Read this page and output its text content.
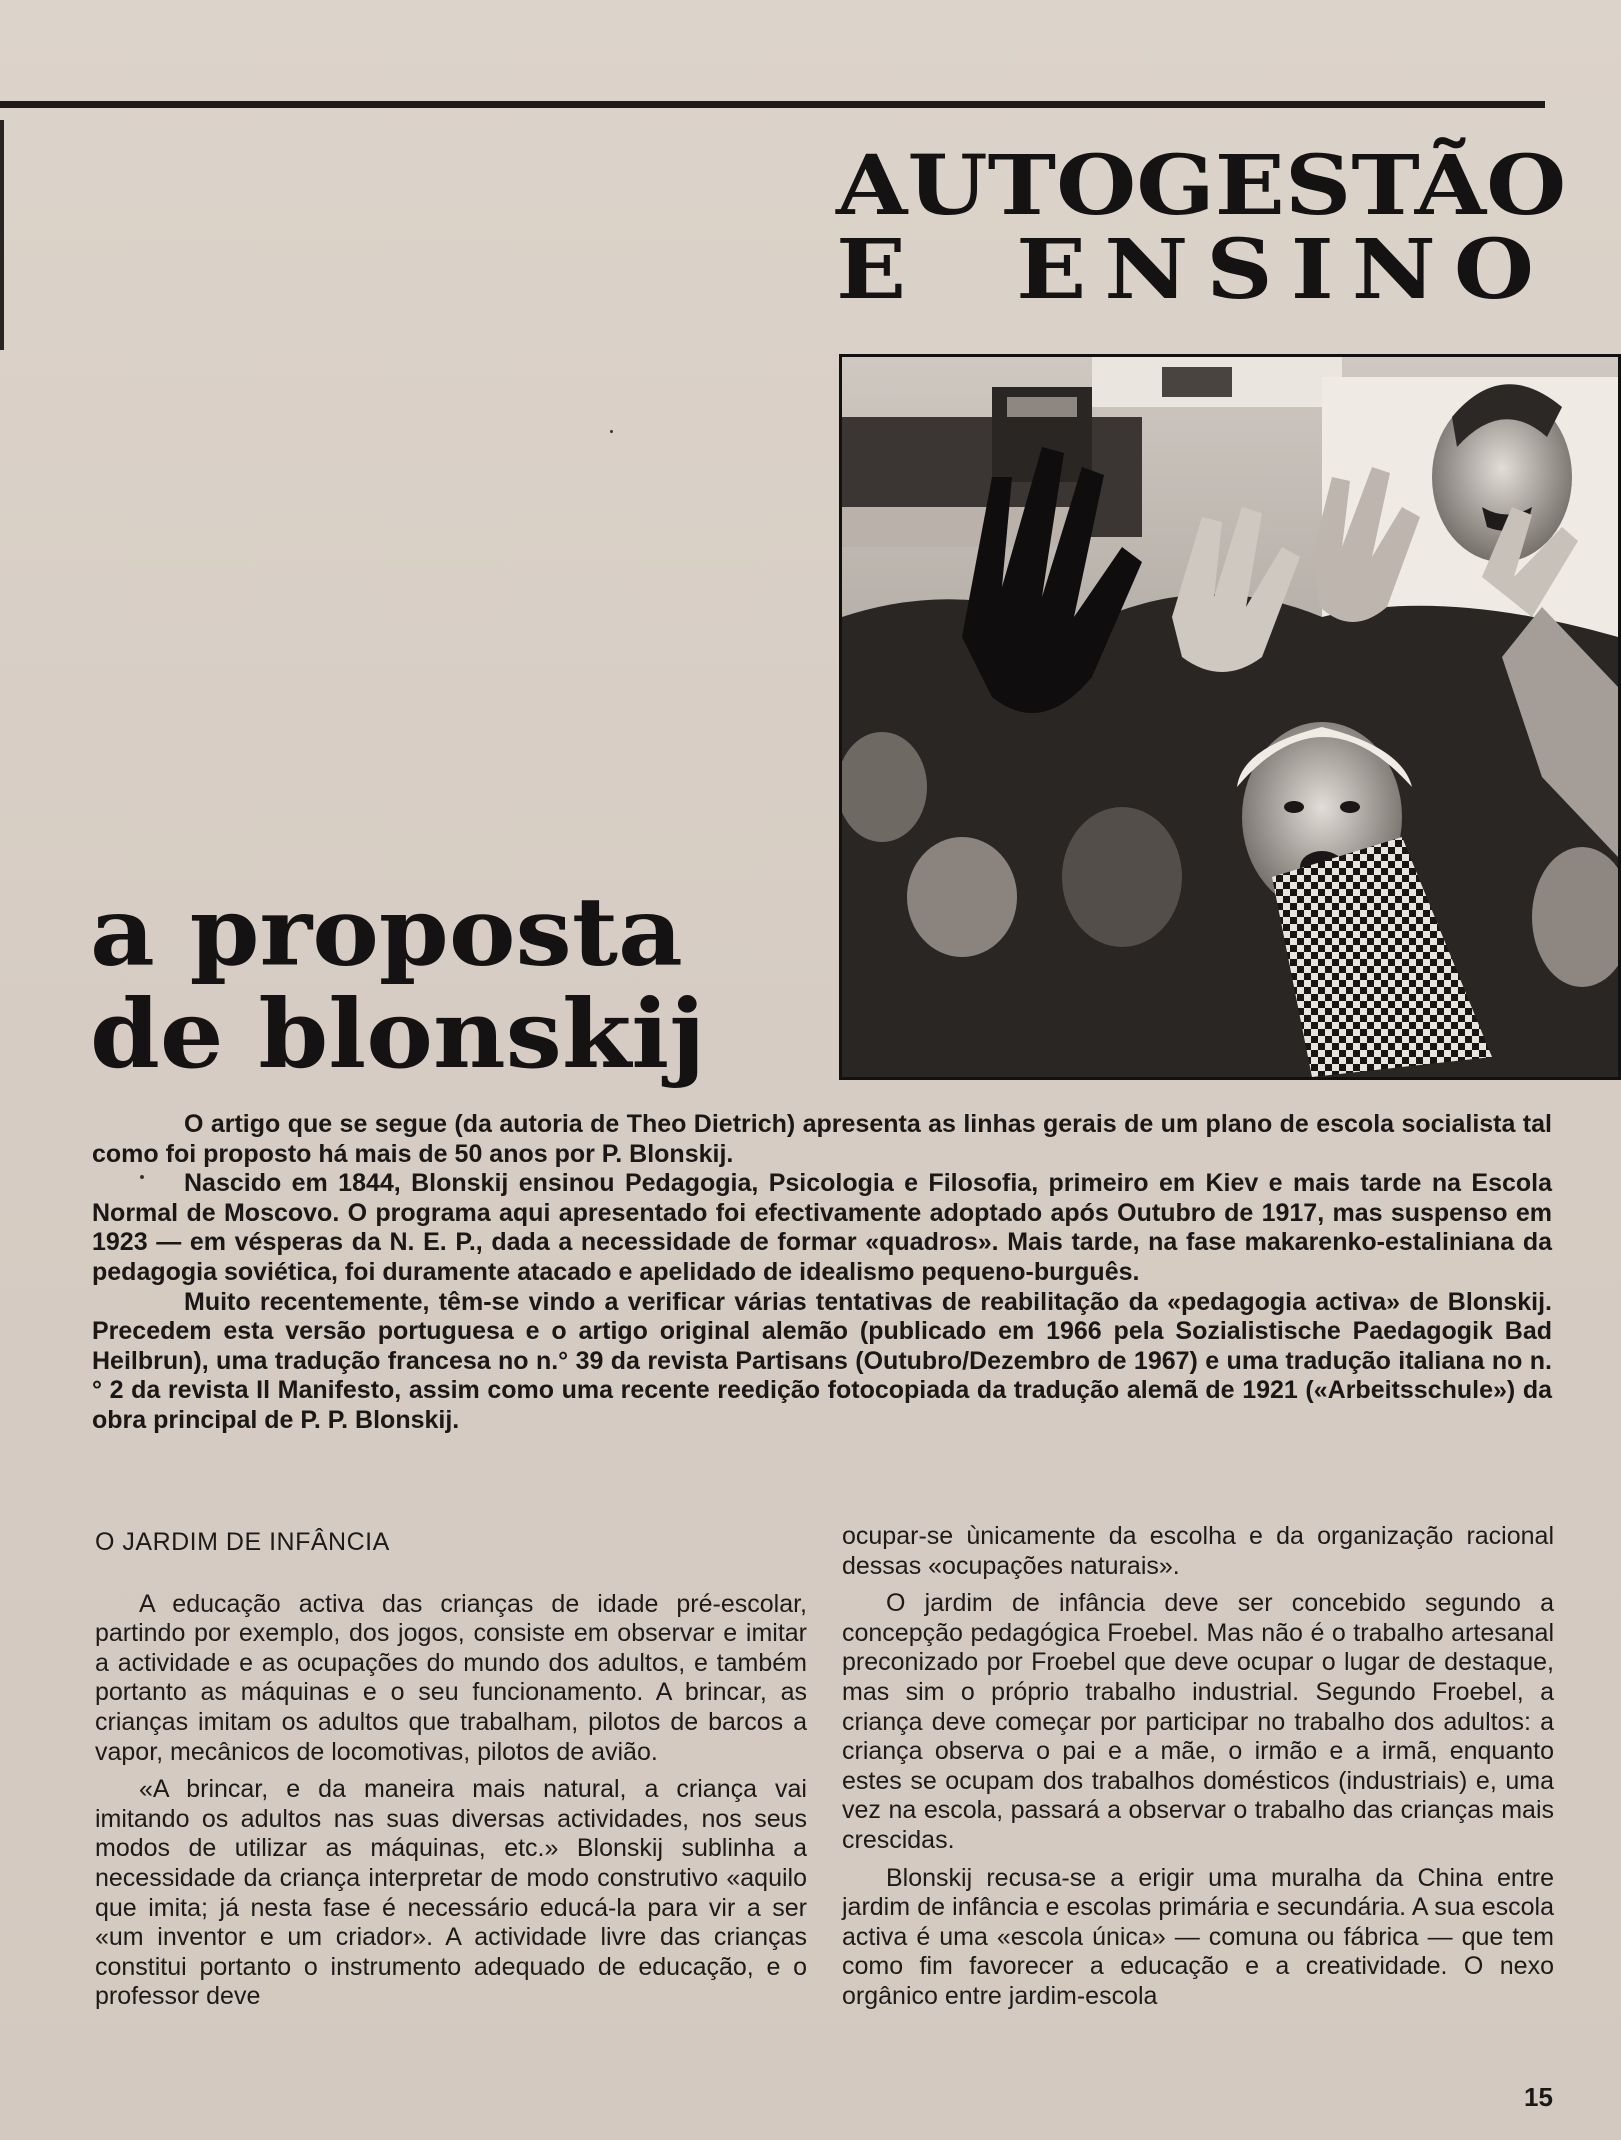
AUTOGESTÃO
E ENSINO
a proposta
de blonskij

O artigo que se segue (da autoria de Theo Dietrich) apresenta as linhas gerais de um plano de escola socialista tal como foi proposto há mais de 50 anos por P. Blonskij.

Nascido em 1844, Blonskij ensinou Pedagogia, Psicologia e Filosofia, primeiro em Kiev e mais tarde na Escola Normal de Moscovo. O programa aqui apresentado foi efectivamente adoptado após Outubro de 1917, mas suspenso em 1923 — em vésperas da N. E. P., dada a necessidade de formar «quadros». Mais tarde, na fase makarenko-estaliniana da pedagogia soviética, foi duramente atacado e apelidado de idealismo pequeno-burguês.

Muito recentemente, têm-se vindo a verificar várias tentativas de reabilitação da «pedagogia activa» de Blonskij. Precedem esta versão portuguesa e o artigo original alemão (publicado em 1966 pela Sozialistische Paedagogik Bad Heilbrun), uma tradução francesa no n.° 39 da revista Partisans (Outubro/Dezembro de 1967) e uma tradução italiana no n.° 2 da revista Il Manifesto, assim como uma recente reedição fotocopiada da tradução alemã de 1921 («Arbeitsschule») da obra principal de P. P. Blonskij.

O JARDIM DE INFÂNCIA

A educação activa das crianças de idade pré-escolar, partindo por exemplo, dos jogos, consiste em observar e imitar a actividade e as ocupações do mundo dos adultos, e também portanto as máquinas e o seu funcionamento. A brincar, as crianças imitam os adultos que trabalham, pilotos de barcos a vapor, mecânicos de locomotivas, pilotos de avião.

«A brincar, e da maneira mais natural, a criança vai imitando os adultos nas suas diversas actividades, nos seus modos de utilizar as máquinas, etc.» Blonskij sublinha a necessidade da criança interpretar de modo construtivo «aquilo que imita; já nesta fase é necessário educá-la para vir a ser «um inventor e um criador». A actividade livre das crianças constitui portanto o instrumento adequado de educação, e o professor deve

ocupar-se ùnicamente da escolha e da organização racional dessas «ocupações naturais».

O jardim de infância deve ser concebido segundo a concepção pedagógica Froebel. Mas não é o trabalho artesanal preconizado por Froebel que deve ocupar o lugar de destaque, mas sim o próprio trabalho industrial. Segundo Froebel, a criança deve começar por participar no trabalho dos adultos: a criança observa o pai e a mãe, o irmão e a irmã, enquanto estes se ocupam dos trabalhos domésticos (industriais) e, uma vez na escola, passará a observar o trabalho das crianças mais crescidas.

Blonskij recusa-se a erigir uma muralha da China entre jardim de infância e escolas primária e secundária. A sua escola activa é uma «escola única» — comuna ou fábrica — que tem como fim favorecer a educação e a creatividade. O nexo orgânico entre jardim-escola

15
